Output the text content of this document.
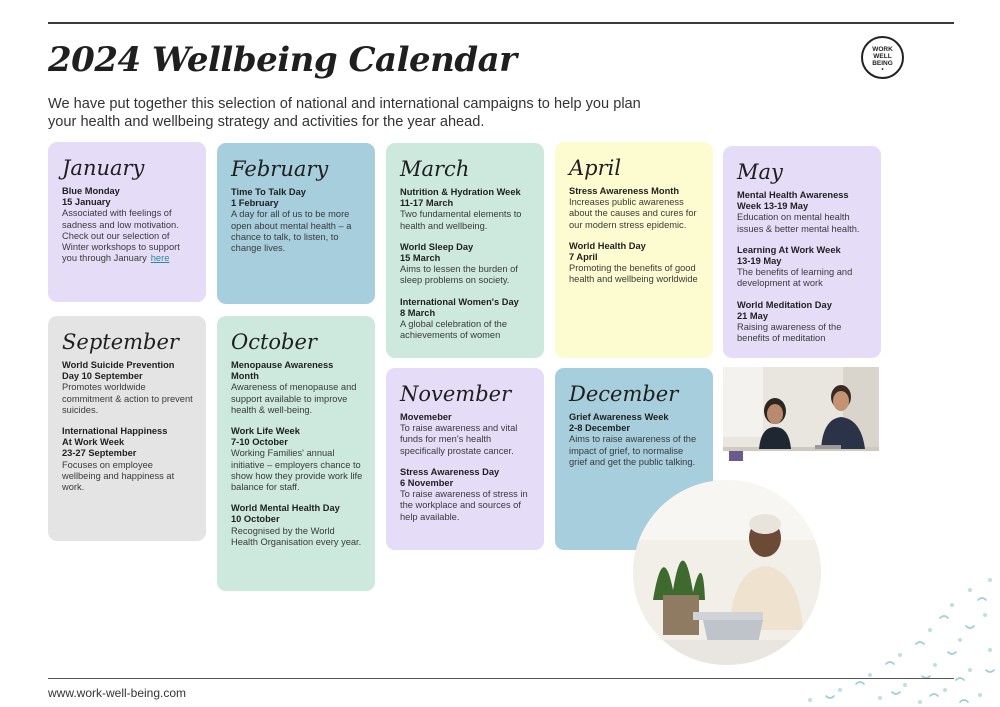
2024 Wellbeing Calendar

We have put together this selection of national and international campaigns to help you plan your health and wellbeing strategy and activities for the year ahead.

WORK
WELL
BEING
•
January
Blue Monday
15 January
Associated with feelings of sadness and low motivation. Check out our selection of Winter workshops to support you through January here
February
Time To Talk Day
1 February
A day for all of us to be more open about mental health – a chance to talk, to listen, to change lives.
March
Nutrition & Hydration Week
11-17 March
Two fundamental elements to health and wellbeing.
World Sleep Day
15 March
Aims to lessen the burden of sleep problems on society.
International Women's Day
8 March
A global celebration of the achievements of women
April
Stress Awareness Month
Increases public awareness about the causes and cures for our modern stress epidemic.
World Health Day
7 April
Promoting the benefits of good health and wellbeing worldwide
May
Mental Health Awareness
Week 13-19 May
Education on mental health issues & better mental health.
Learning At Work Week
13-19 May
The benefits of learning and development at work
World Meditation Day
21 May
Raising awareness of the benefits of meditation
September
World Suicide Prevention
Day 10 September
Promotes worldwide commitment & action to prevent suicides.
International Happiness
At Work Week
23-27 September
Focuses on employee wellbeing and happiness at work.
October
Menopause Awareness
Month
Awareness of menopause and support available to improve health & well-being.
Work Life Week
7-10 October
Working Families' annual initiative – employers chance to show how they provide work life balance for staff.
World Mental Health Day
10 October
Recognised by the World Health Organisation every year.
November
Movemeber
To raise awareness and vital funds for men's health specifically prostate cancer.
Stress Awareness Day
6 November
To raise awareness of stress in the workplace and sources of help available.
December
Grief Awareness Week
2-8 December
Aims to raise awareness of the impact of grief, to normalise grief and get the public talking.
www.work-well-being.com
